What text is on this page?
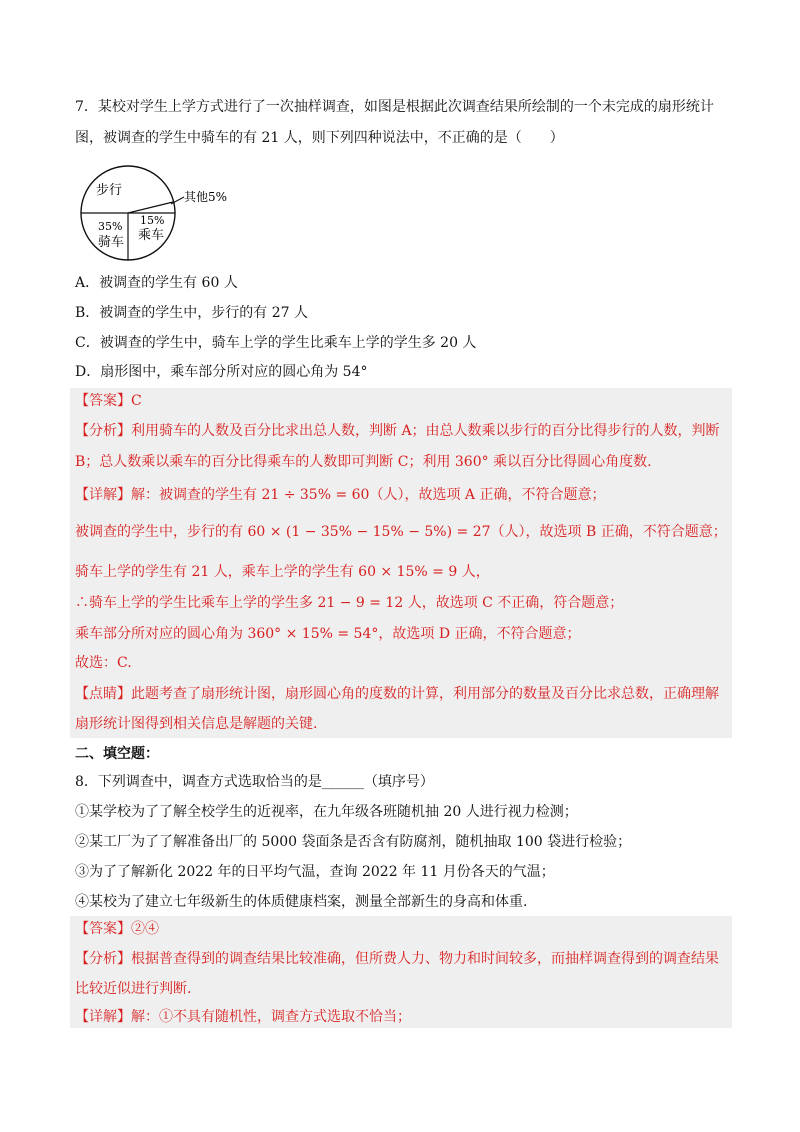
7．某校对学生上学方式进行了一次抽样调查，如图是根据此次调查结果所绘制的一个未完成的扇形统计
图，被调查的学生中骑车的有 21 人，则下列四种说法中，不正确的是（　　）
步行	其他5%
15%
乘车
35%
骑车
A．被调查的学生有 60 人
B．被调查的学生中，步行的有 27 人
C．被调查的学生中，骑车上学的学生比乘车上学的学生多 20 人
D．扇形图中，乘车部分所对应的圆心角为 54°
【答案】C
【分析】利用骑车的人数及百分比求出总人数，判断 A；由总人数乘以步行的百分比得步行的人数，判断
B；总人数乘以乘车的百分比得乘车的人数即可判断 C；利用 360° 乘以百分比得圆心角度数.
【详解】解：被调查的学生有 21 ÷ 35% = 60（人），故选项 A 正确，不符合题意；
被调查的学生中，步行的有 60 × (1 − 35% − 15% − 5%) = 27（人），故选项 B 正确，不符合题意；
骑车上学的学生有 21 人，乘车上学的学生有 60 × 15% = 9 人，
∴骑车上学的学生比乘车上学的学生多 21 − 9 = 12 人，故选项 C 不正确，符合题意；
乘车部分所对应的圆心角为 360° × 15% = 54°，故选项 D 正确，不符合题意；
故选：C.
【点睛】此题考查了扇形统计图，扇形圆心角的度数的计算，利用部分的数量及百分比求总数，正确理解
扇形统计图得到相关信息是解题的关键.
二、填空题：
8．下列调查中，调查方式选取恰当的是______（填序号）
①某学校为了了解全校学生的近视率，在九年级各班随机抽 20 人进行视力检测；
②某工厂为了了解准备出厂的 5000 袋面条是否含有防腐剂，随机抽取 100 袋进行检验；
③为了了解新化 2022 年的日平均气温，查询 2022 年 11 月份各天的气温；
④某校为了建立七年级新生的体质健康档案，测量全部新生的身高和体重.
【答案】②④
【分析】根据普查得到的调查结果比较准确，但所费人力、物力和时间较多，而抽样调查得到的调查结果
比较近似进行判断.
【详解】解：①不具有随机性，调查方式选取不恰当；
